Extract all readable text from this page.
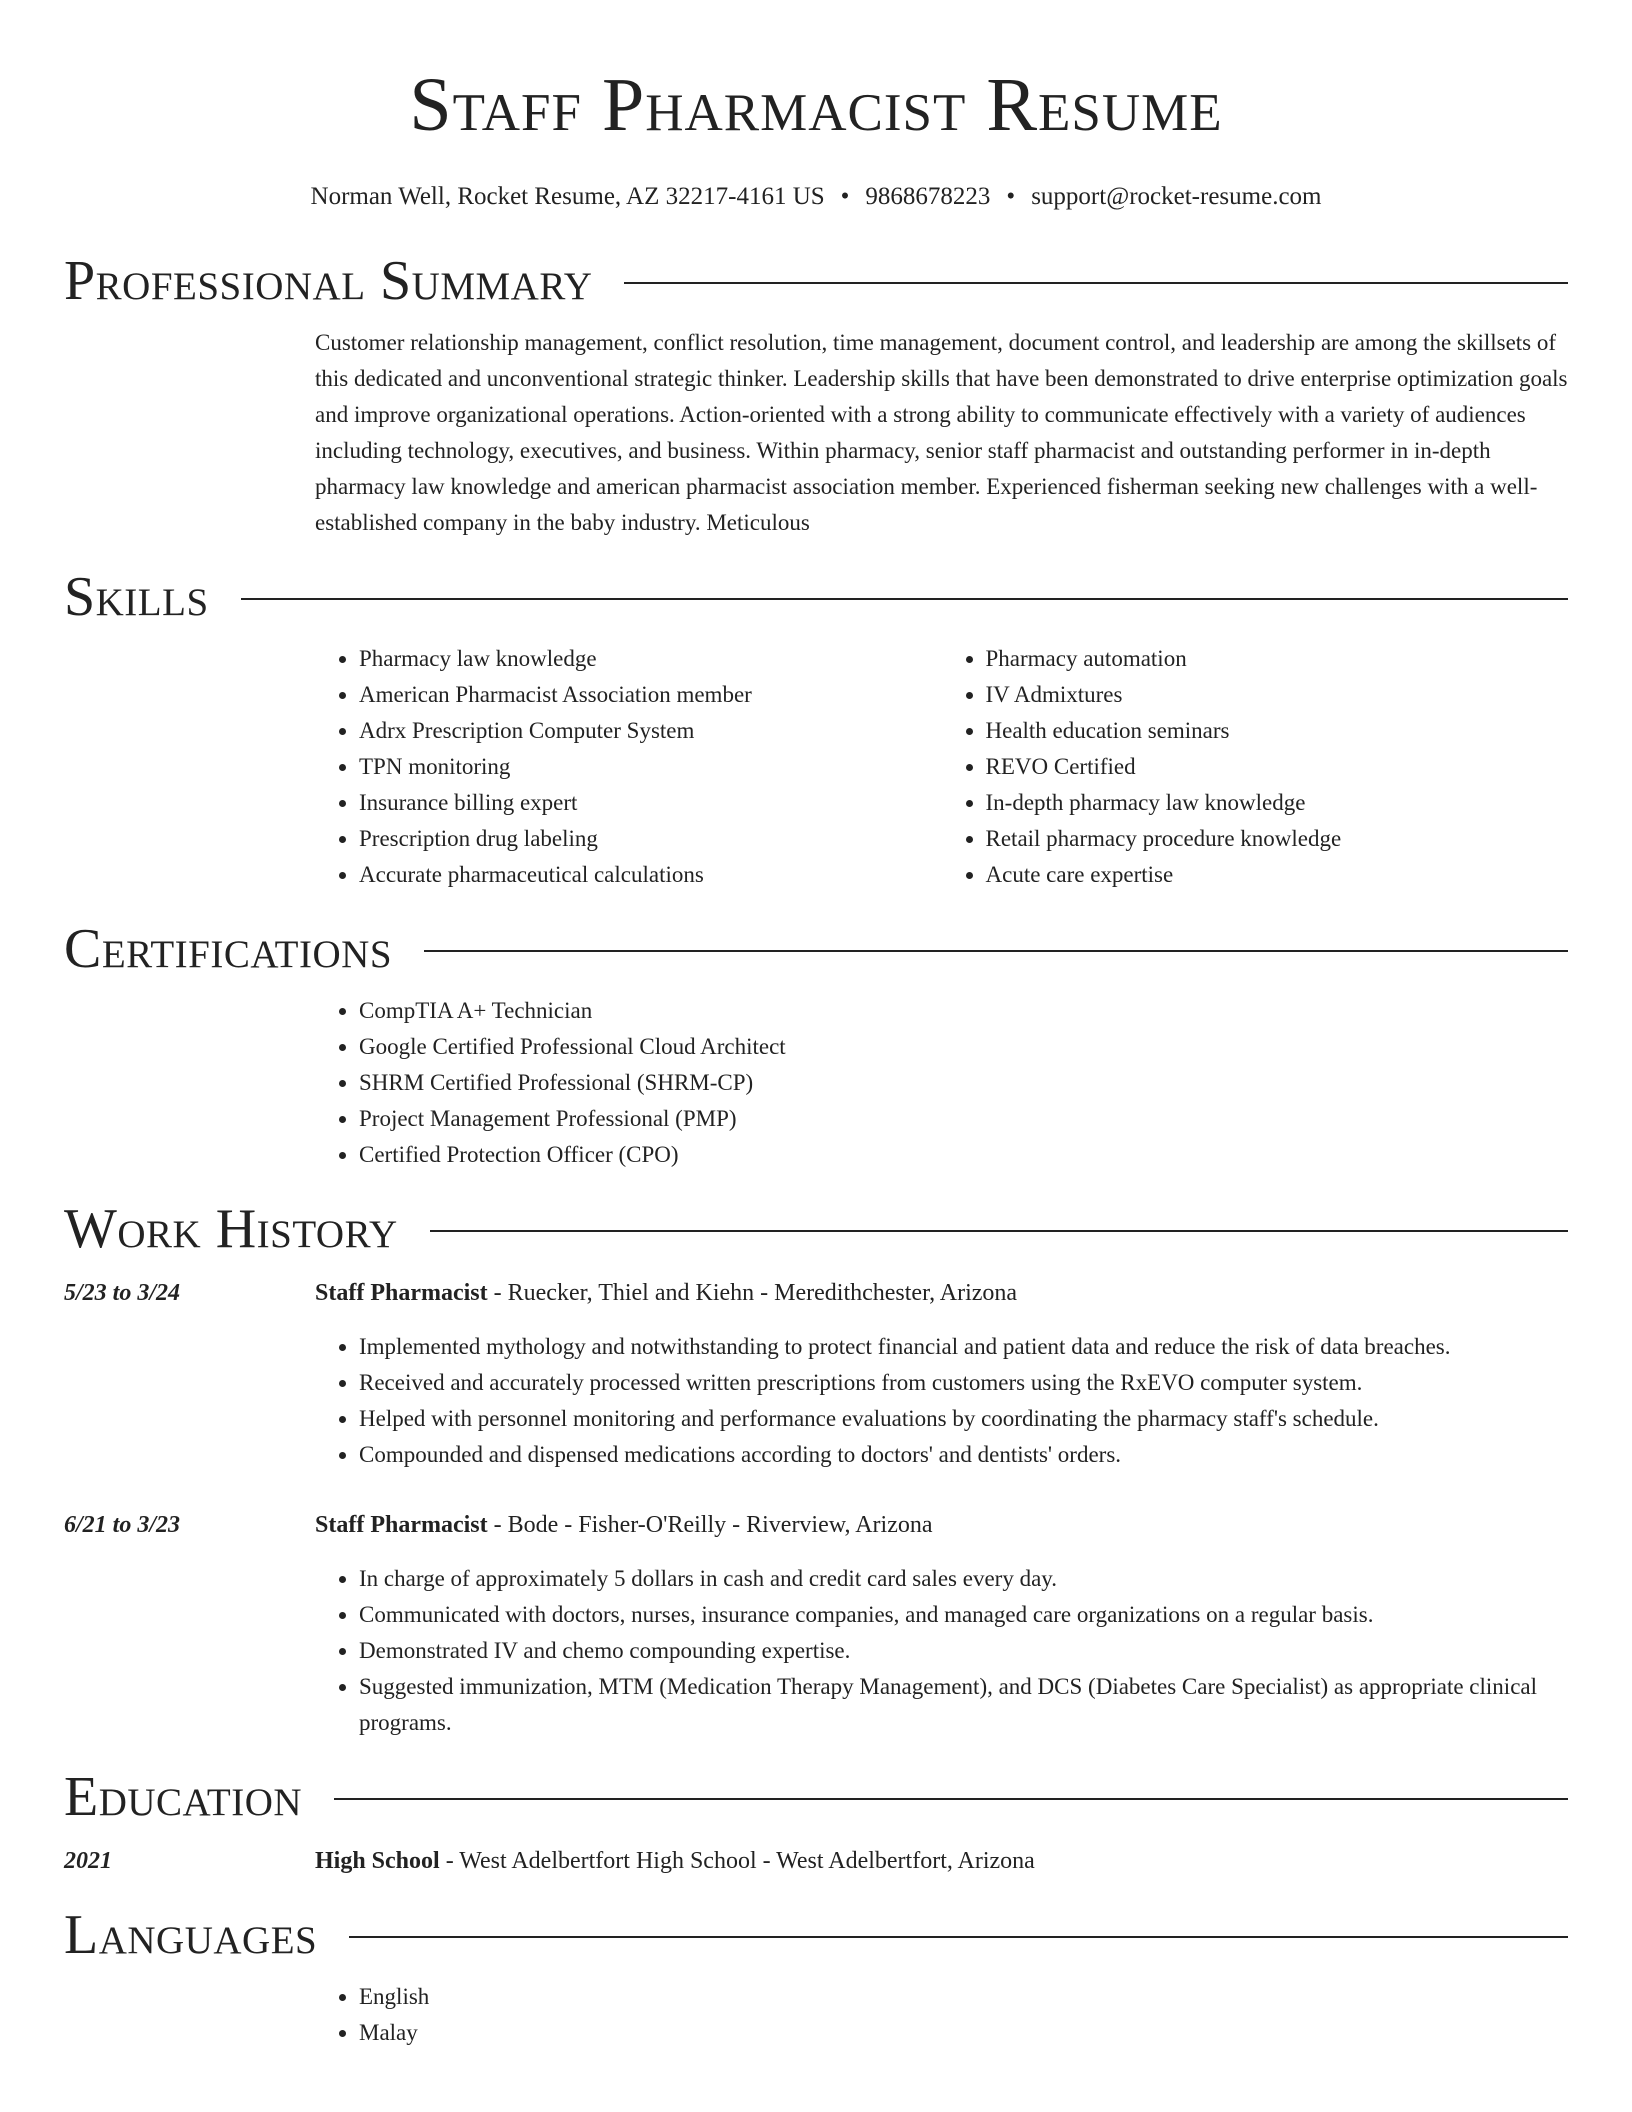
Staff Pharmacist Resume
Norman Well, Rocket Resume, AZ 32217-4161 US • 9868678223 • support@rocket-resume.com
Professional Summary

Customer relationship management, conflict resolution, time management, document control, and leadership are among the skillsets of this dedicated and unconventional strategic thinker. Leadership skills that have been demonstrated to drive enterprise optimization goals and improve organizational operations. Action-oriented with a strong ability to communicate effectively with a variety of audiences including technology, executives, and business. Within pharmacy, senior staff pharmacist and outstanding performer in in-depth pharmacy law knowledge and american pharmacist association member. Experienced fisherman seeking new challenges with a well-established company in the baby industry. Meticulous

Skills
• Pharmacy law knowledge
• American Pharmacist Association member
• Adrx Prescription Computer System
• TPN monitoring
• Insurance billing expert
• Prescription drug labeling
• Accurate pharmaceutical calculations
• Pharmacy automation
• IV Admixtures
• Health education seminars
• REVO Certified
• In-depth pharmacy law knowledge
• Retail pharmacy procedure knowledge
• Acute care expertise
Certifications
• CompTIA A+ Technician
• Google Certified Professional Cloud Architect
• SHRM Certified Professional (SHRM-CP)
• Project Management Professional (PMP)
• Certified Protection Officer (CPO)
Work History
5/23 to 3/24	Staff Pharmacist - Ruecker, Thiel and Kiehn - Meredithchester, Arizona
• Implemented mythology and notwithstanding to protect financial and patient data and reduce the risk of data breaches.
• Received and accurately processed written prescriptions from customers using the RxEVO computer system.
• Helped with personnel monitoring and performance evaluations by coordinating the pharmacy staff's schedule.
• Compounded and dispensed medications according to doctors' and dentists' orders.
6/21 to 3/23	Staff Pharmacist - Bode - Fisher-O'Reilly - Riverview, Arizona
• In charge of approximately 5 dollars in cash and credit card sales every day.
• Communicated with doctors, nurses, insurance companies, and managed care organizations on a regular basis.
• Demonstrated IV and chemo compounding expertise.
• Suggested immunization, MTM (Medication Therapy Management), and DCS (Diabetes Care Specialist) as appropriate clinical programs.
Education
2021	High School - West Adelbertfort High School - West Adelbertfort, Arizona
Languages
• English
• Malay
